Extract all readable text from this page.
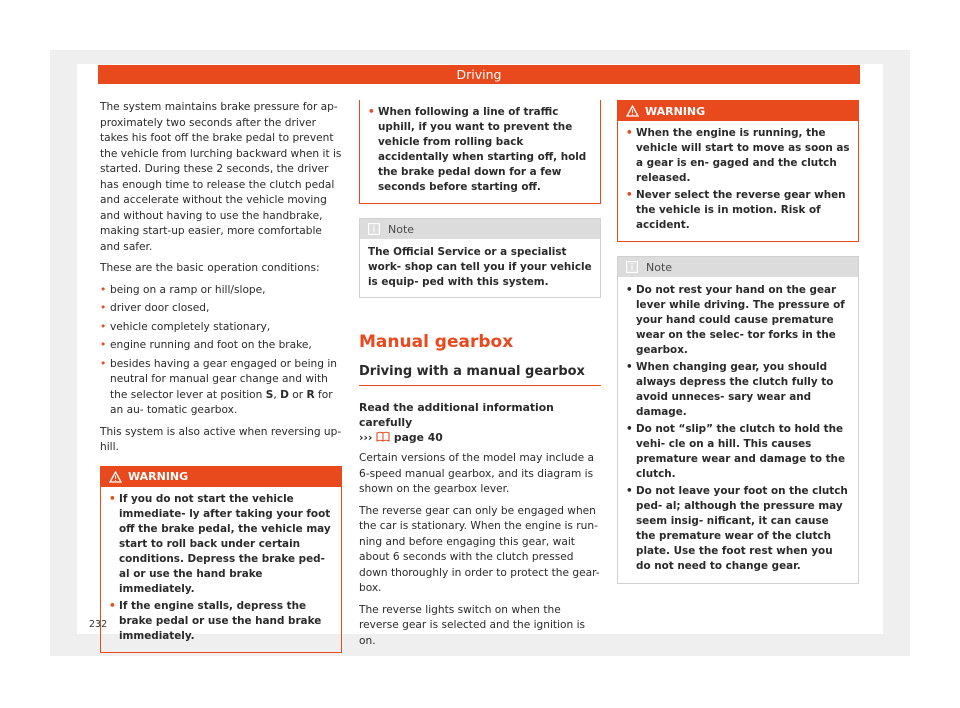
Driving

The system maintains brake pressure for ap- proximately two seconds after the driver takes his foot off the brake pedal to prevent the vehicle from lurching backward when it is started. During these 2 seconds, the driver has enough time to release the clutch pedal and accelerate without the vehicle moving and without having to use the handbrake, making start-up easier, more comfortable and safer.

These are the basic operation conditions:

• being on a ramp or hill/slope,
• driver door closed,
• vehicle completely stationary,
• engine running and foot on the brake,
• besides having a gear engaged or being in neutral for manual gear change and with the selector lever at position S, D or R for an au- tomatic gearbox.

This system is also active when reversing up- hill.

WARNING
• If you do not start the vehicle immediate- ly after taking your foot off the brake pedal, the vehicle may start to roll back under certain conditions. Depress the brake ped- al or use the hand brake immediately.
• If the engine stalls, depress the brake pedal or use the hand brake immediately.
• When following a line of traffic uphill, if you want to prevent the vehicle from rolling back accidentally when starting off, hold the brake pedal down for a few seconds before starting off.
Note
The Official Service or a specialist work- shop can tell you if your vehicle is equip- ped with this system.
Manual gearbox
Driving with a manual gearbox

Read the additional information carefully
››› page 40

Certain versions of the model may include a 6-speed manual gearbox, and its diagram is shown on the gearbox lever.

The reverse gear can only be engaged when the car is stationary. When the engine is run- ning and before engaging this gear, wait about 6 seconds with the clutch pressed down thoroughly in order to protect the gear- box.

The reverse lights switch on when the reverse gear is selected and the ignition is on.

WARNING
• When the engine is running, the vehicle will start to move as soon as a gear is en- gaged and the clutch released.
• Never select the reverse gear when the vehicle is in motion. Risk of accident.
Note
• Do not rest your hand on the gear lever while driving. The pressure of your hand could cause premature wear on the selec- tor forks in the gearbox.
• When changing gear, you should always depress the clutch fully to avoid unneces- sary wear and damage.
• Do not “slip” the clutch to hold the vehi- cle on a hill. This causes premature wear and damage to the clutch.
• Do not leave your foot on the clutch ped- al; although the pressure may seem insig- nificant, it can cause the premature wear of the clutch plate. Use the foot rest when you do not need to change gear.
232
